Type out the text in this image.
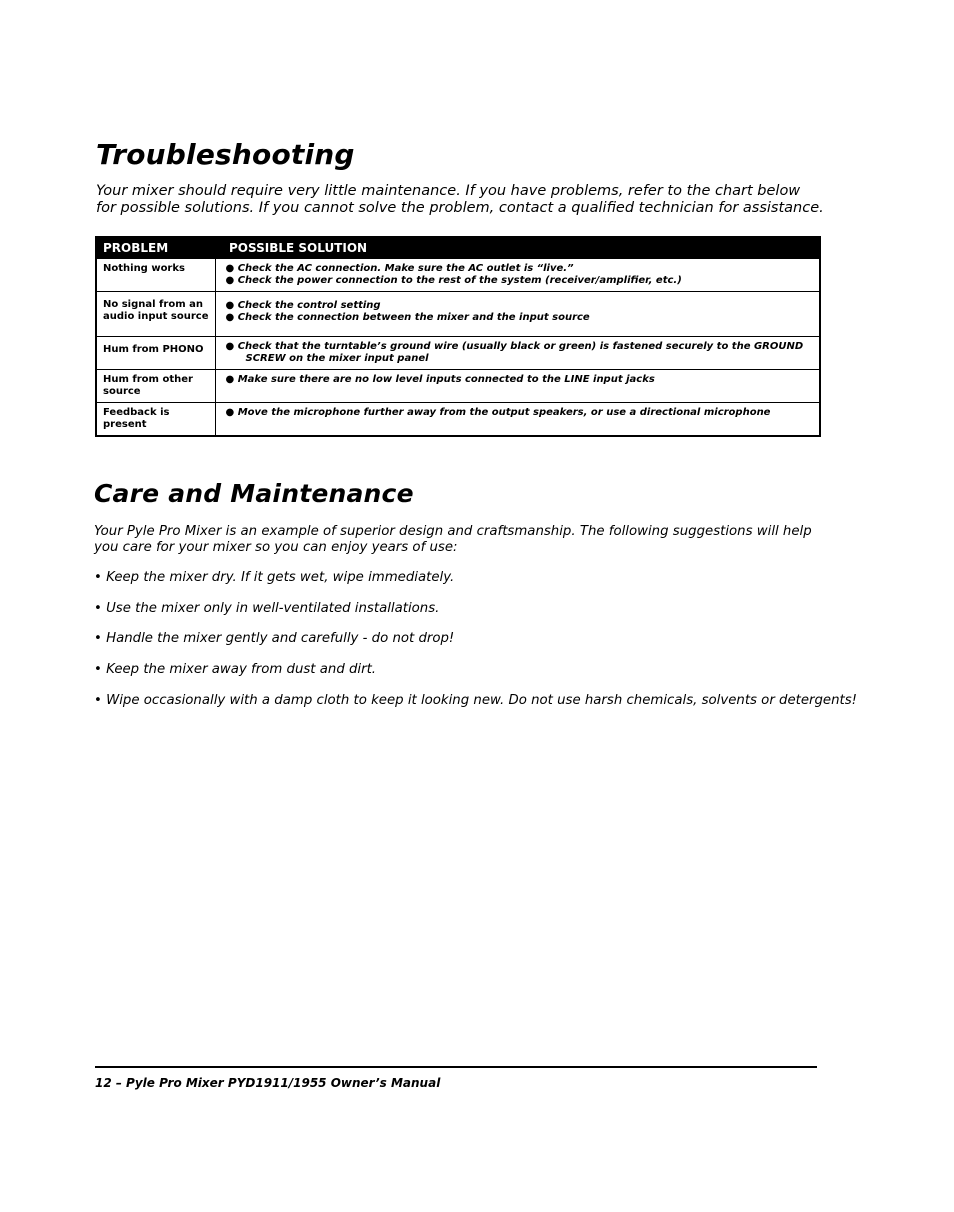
Troubleshooting

Your mixer should require very little maintenance. If you have problems, refer to the chart below
for possible solutions. If you cannot solve the problem, contact a qualified technician for assistance.

PROBLEM	POSSIBLE SOLUTION
Nothing works	● Check the AC connection. Make sure the AC outlet is “live.”
● Check the power connection to the rest of the system (receiver/amplifier, etc.)

No signal from an audio input source	● Check the control setting
● Check the connection between the mixer and the input source

Hum from PHONO	● Check that the turntable’s ground wire (usually black or green) is fastened securely to the GROUND
SCREW on the mixer input panel

Hum from other source	● Make sure there are no low level inputs connected to the LINE input jacks

Feedback is present	● Move the microphone further away from the output speakers, or use a directional microphone
Care and Maintenance

Your Pyle Pro Mixer is an example of superior design and craftsmanship. The following suggestions will help
you care for your mixer so you can enjoy years of use:

• Keep the mixer dry. If it gets wet, wipe immediately.

• Use the mixer only in well-ventilated installations.

• Handle the mixer gently and carefully - do not drop!

• Keep the mixer away from dust and dirt.

• Wipe occasionally with a damp cloth to keep it looking new. Do not use harsh chemicals, solvents or detergents!

12 – Pyle Pro Mixer PYD1911/1955 Owner’s Manual
